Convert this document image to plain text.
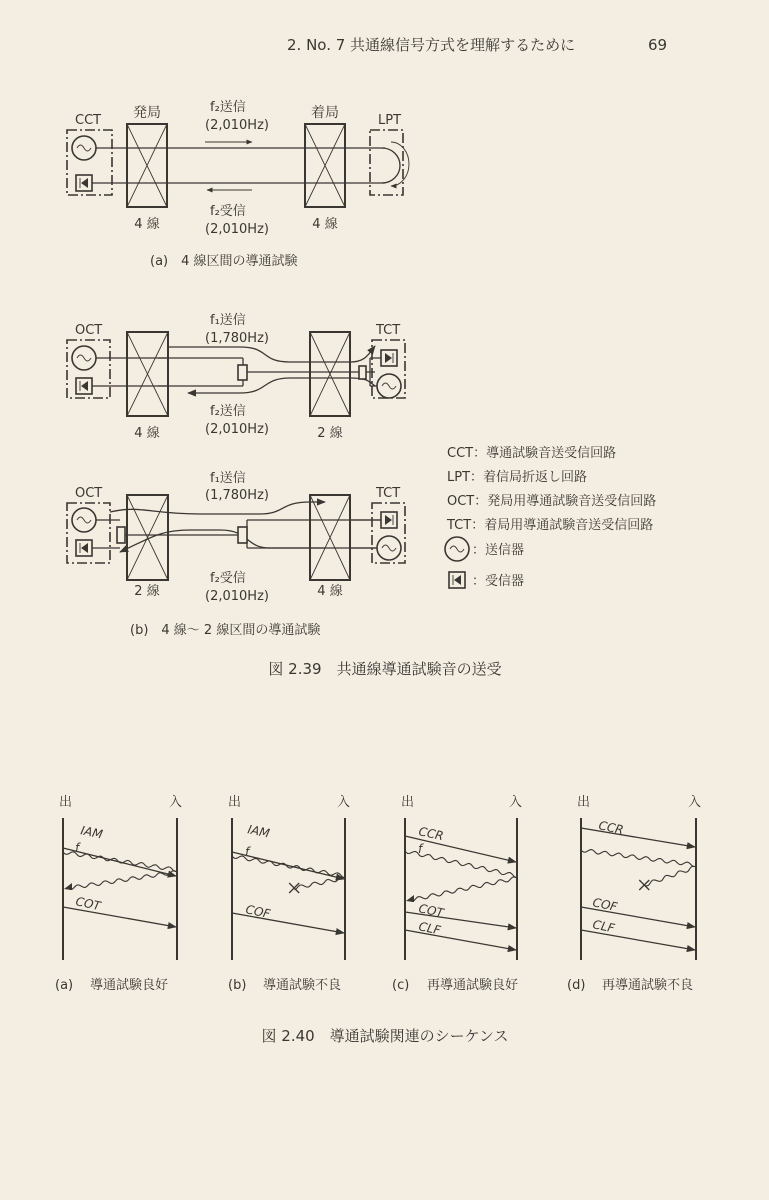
2. No. 7 共通線信号方式を理解するために	69
CCT 発局
4 線
着局
4 線
LPT
f₂送信
(2,010Hz)
f₂受信
(2,010Hz)
(a)　4 線区間の導通試験
OCT	TCT
4 線	2 線
f₁送信
(1,780Hz)
f₂送信
(2,010Hz)
OCT	TCT
2 線	4 線
f₁送信
(1,780Hz)
f₂受信
(2,010Hz)
(b)　4 線～ 2 線区間の導通試験
CCT：導通試験音送受信回路
LPT：着信局折返し回路
OCT：発局用導通試験音送受信回路
TCT：着局用導通試験音送受信回路
：送信器
：受信器
図 2.39　共通線導通試験音の送受
出	入
IAM
COT
f
(a) 導通試験良好
出	入
IAM
COF
f
(b) 導通試験不良
出	入
CCR
COT
CLF
f
(c) 再導通試験良好
出	入
CCR
COF
CLF
(d) 再導通試験不良
図 2.40　導通試験関連のシーケンス
